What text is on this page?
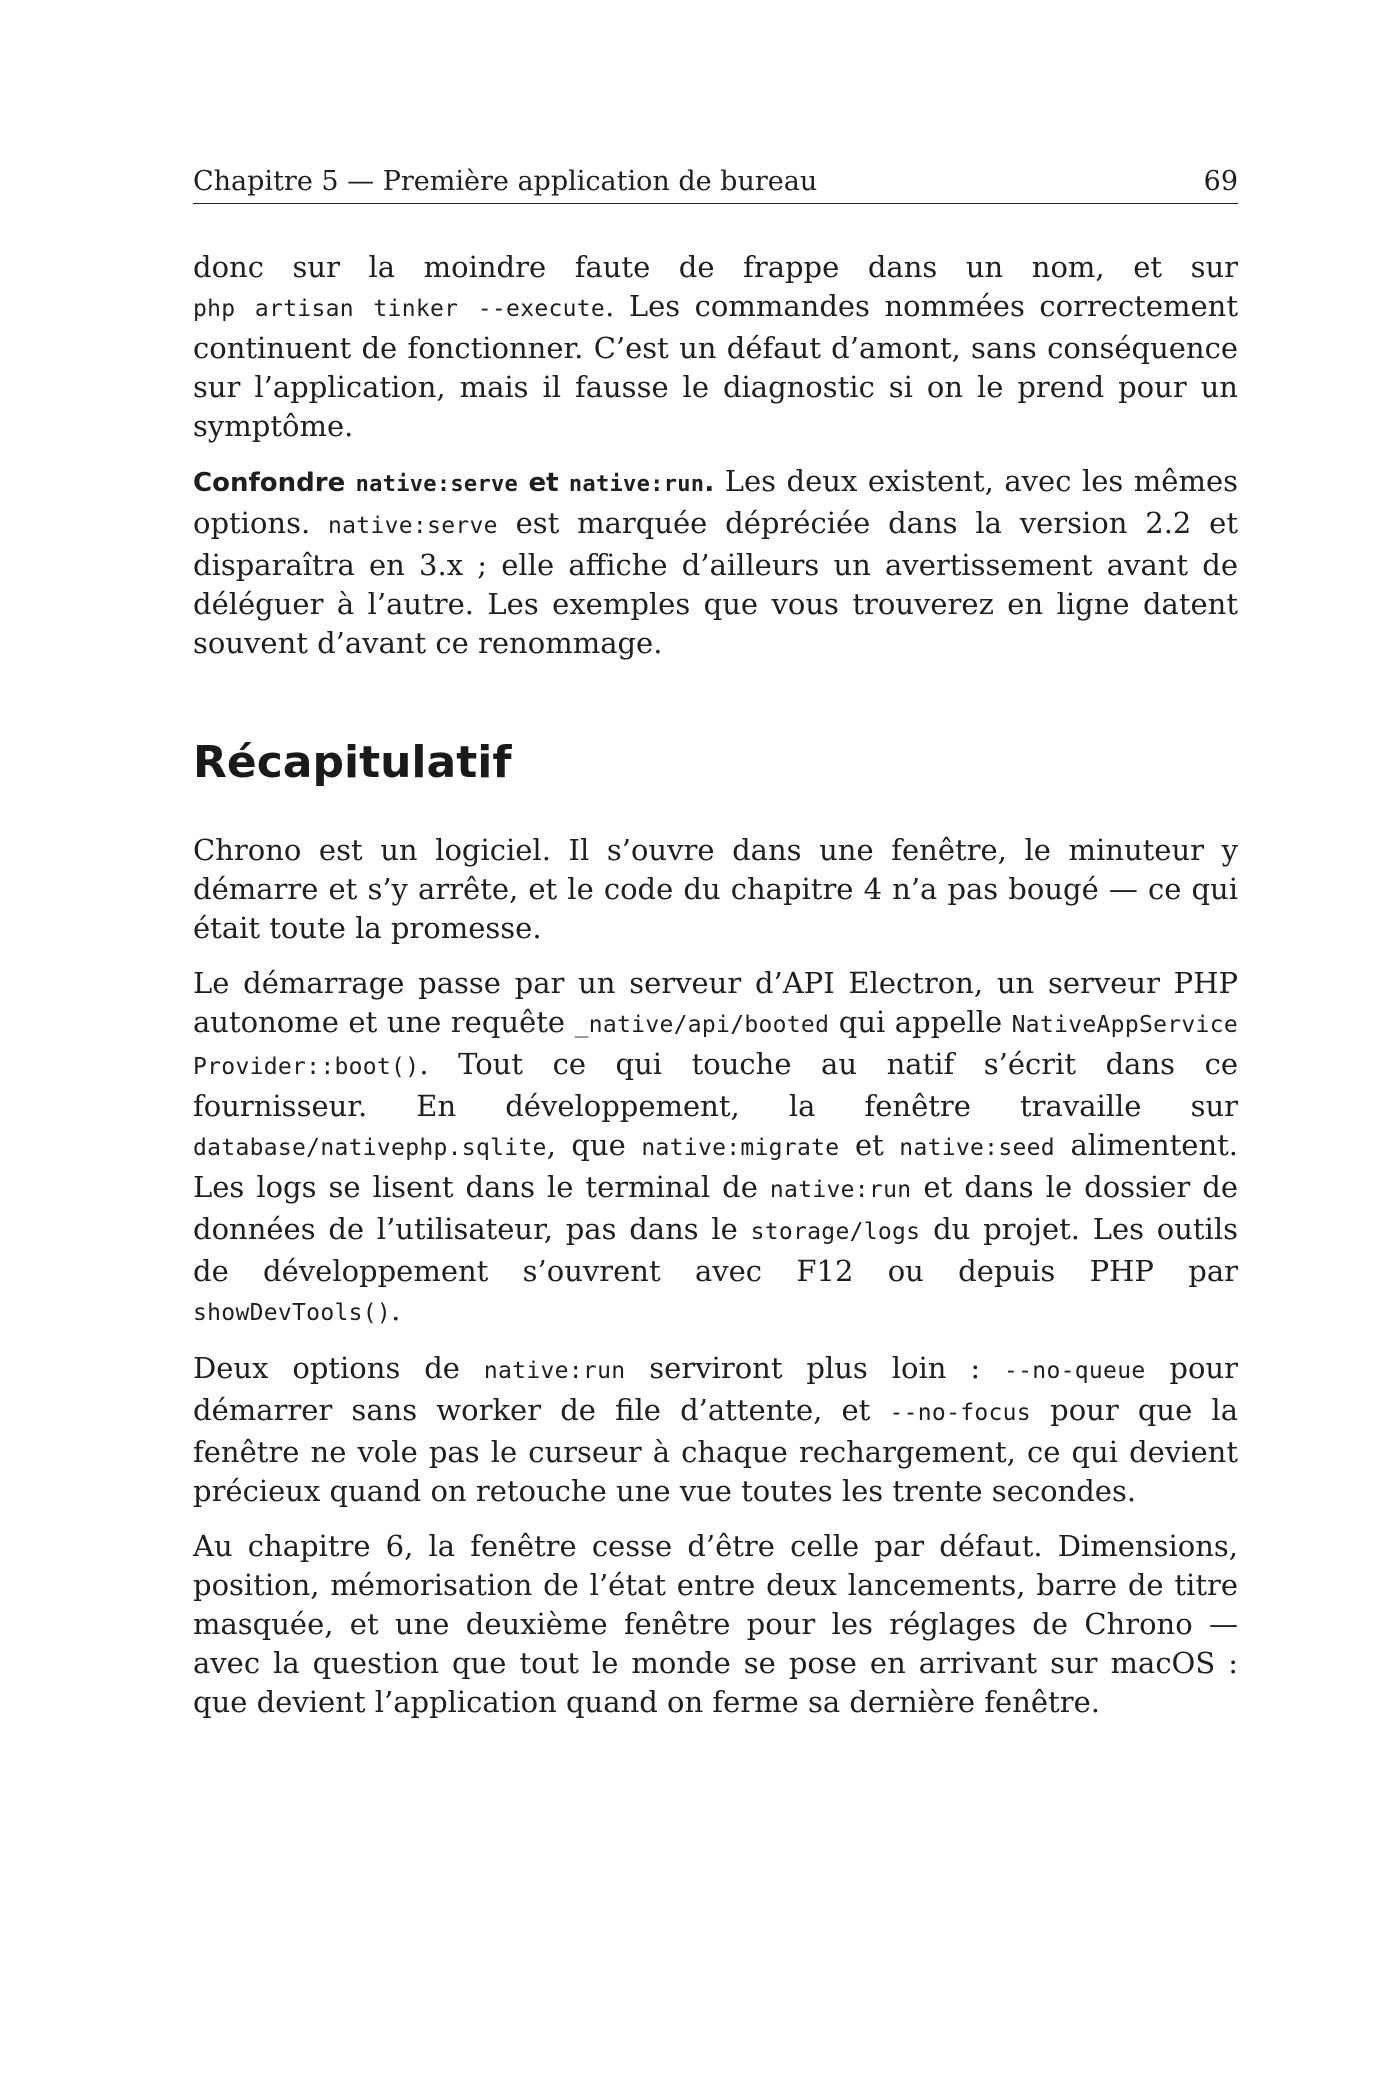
Chapitre 5 — Première application de bureau	69

donc sur la moindre faute de frappe dans un nom, et sur php artisan tinker --execute. Les commandes nommées correctement continuent de fonctionner. C’est un défaut d’amont, sans conséquence sur l’application, mais il fausse le diagnostic si on le prend pour un symptôme.

Confondre native:serve et native:run. Les deux existent, avec les mêmes options. native:serve est marquée dépréciée dans la version 2.2 et disparaîtra en 3.x ; elle affiche d’ailleurs un avertissement avant de déléguer à l’autre. Les exemples que vous trouverez en ligne datent souvent d’avant ce renommage.

Récapitulatif

Chrono est un logiciel. Il s’ouvre dans une fenêtre, le minuteur y démarre et s’y arrête, et le code du chapitre 4 n’a pas bougé — ce qui était toute la promesse.

Le démarrage passe par un serveur d’API Electron, un serveur PHP autonome et une requête _native/api/booted qui appelle NativeAppServiceProvider::boot(). Tout ce qui touche au natif s’écrit dans ce fournisseur. En développement, la fenêtre travaille sur database/nativephp.sqlite, que native:migrate et native:seed alimentent. Les logs se lisent dans le terminal de native:run et dans le dossier de données de l’utilisateur, pas dans le storage/logs du projet. Les outils de développement s’ouvrent avec F12 ou depuis PHP par showDevTools().

Deux options de native:run serviront plus loin : --no-queue pour démarrer sans worker de file d’attente, et --no-focus pour que la fenêtre ne vole pas le curseur à chaque rechargement, ce qui devient précieux quand on retouche une vue toutes les trente secondes.

Au chapitre 6, la fenêtre cesse d’être celle par défaut. Dimensions, position, mémorisation de l’état entre deux lancements, barre de titre masquée, et une deuxième fenêtre pour les réglages de Chrono — avec la question que tout le monde se pose en arrivant sur macOS : que devient l’application quand on ferme sa dernière fenêtre.
